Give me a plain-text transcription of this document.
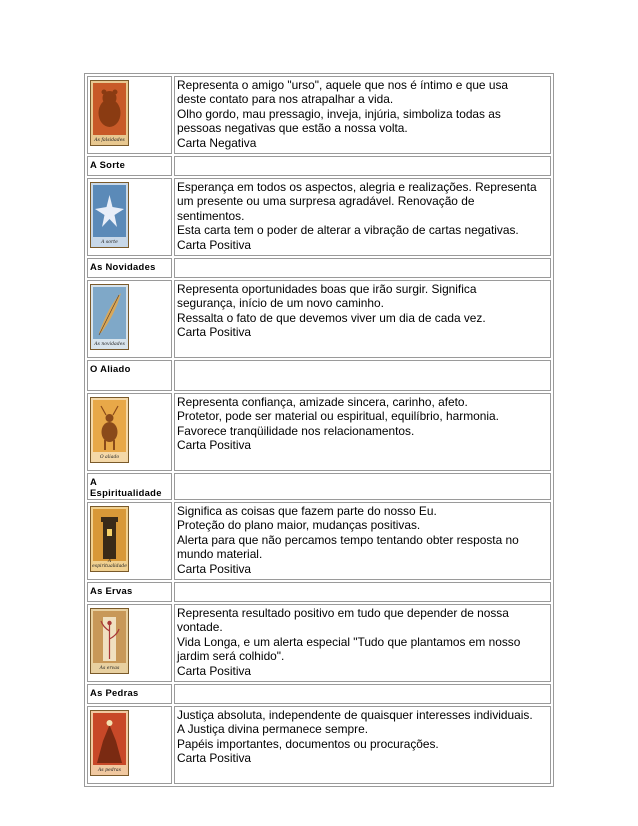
As falsidades	Representa o amigo "urso", aquele que nos é íntimo e que usa
deste contato para nos atrapalhar a vida.
Olho gordo, mau pressagio, inveja, injúria, simboliza todas as
pessoas negativas que estão a nossa volta.
Carta Negativa

A Sorte	

A sorte	Esperança em todos os aspectos, alegria e realizações. Representa
um presente ou uma surpresa agradável. Renovação de
sentimentos.
Esta carta tem o poder de alterar a vibração de cartas negativas.
Carta Positiva

As Novidades	

As novidades	Representa oportunidades boas que irão surgir. Significa
segurança, início de um novo caminho.
Ressalta o fato de que devemos viver um dia de cada vez.
Carta Positiva

O Aliado	

O aliado	Representa confiança, amizade sincera, carinho, afeto.
Protetor, pode ser material ou espiritual, equilíbrio, harmonia.
Favorece tranqüilidade nos relacionamentos.
Carta Positiva

A
Espiritualidade	

A espiritualidade	Significa as coisas que fazem parte do nosso Eu.
Proteção do plano maior, mudanças positivas.
Alerta para que não percamos tempo tentando obter resposta no
mundo material.
Carta Positiva

As Ervas	

As ervas	Representa resultado positivo em tudo que depender de nossa
vontade.
Vida Longa, e um alerta especial "Tudo que plantamos em nosso
jardim será colhido".
Carta Positiva

As Pedras	

As pedras	Justiça absoluta, independente de quaisquer interesses individuais.
A Justiça divina permanece sempre.
Papéis importantes, documentos ou procurações.
Carta Positiva
